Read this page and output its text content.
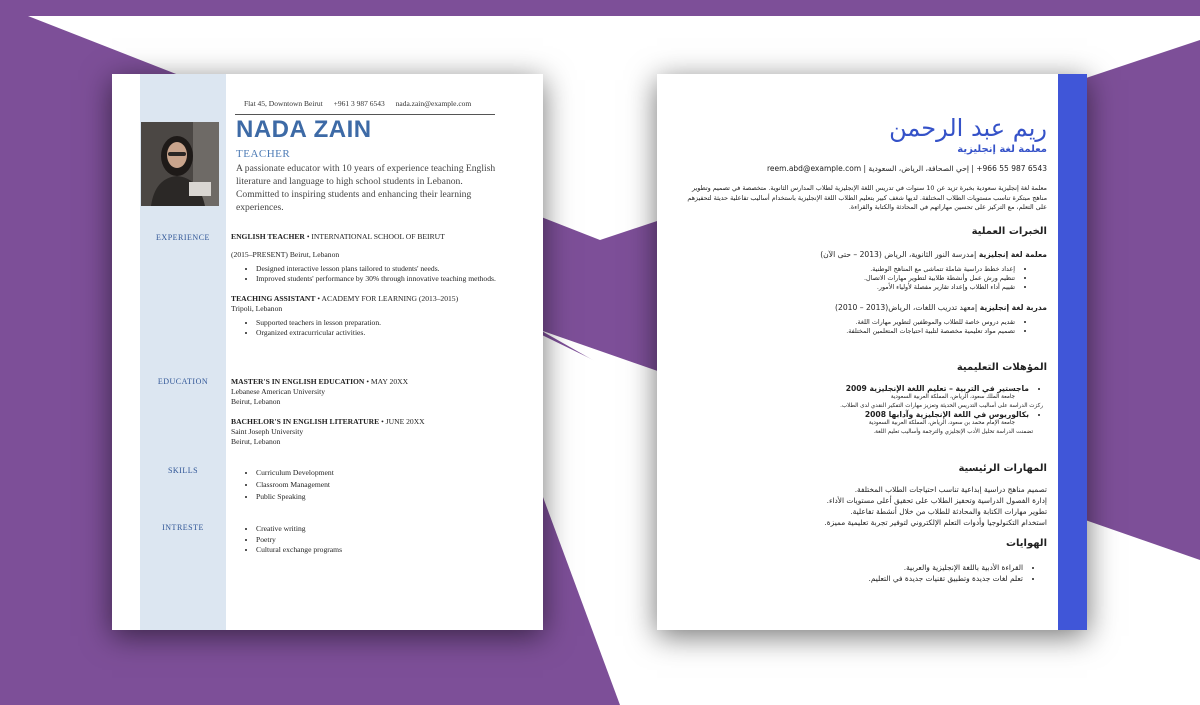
Flat 45, Downtown Beirut +961 3 987 6543 nada.zain@example.com
NADA ZAIN
TEACHER
A passionate educator with 10 years of experience teaching English literature and language to high school students in Lebanon. Committed to inspiring students and enhancing their learning experiences.
EXPERIENCE
EDUCATION
SKILLS
INTRESTE
ENGLISH TEACHER • INTERNATIONAL SCHOOL OF BEIRUT
(2015–PRESENT) Beirut, Lebanon
• Designed interactive lesson plans tailored to students' needs.
• Improved students' performance by 30% through innovative teaching methods.
TEACHING ASSISTANT • ACADEMY FOR LEARNING (2013–2015)
Tripoli, Lebanon
• Supported teachers in lesson preparation.
• Organized extracurricular activities.
MASTER'S IN ENGLISH EDUCATION • MAY 20XX
Lebanese American University
Beirut, Lebanon
BACHELOR'S IN ENGLISH LITERATURE • JUNE 20XX
Saint Joseph University
Beirut, Lebanon
• Curriculum Development
• Classroom Management
• Public Speaking
• Creative writing
• Poetry
• Cultural exchange programs
ريم عبد الرحمن
معلمة لغة إنجليزية
6543 987 55 966+ | إحي الصحافة، الرياض، السعودية | reem.abd@example.com
معلمة لغة إنجليزية سعودية بخبرة تزيد عن 10 سنوات في تدريس اللغة الإنجليزية لطلاب المدارس الثانوية. متخصصة في تصميم وتطوير مناهج مبتكرة تناسب مستويات الطلاب المختلفة. لديها شغف كبير بتعليم الطلاب اللغة الإنجليزية باستخدام أساليب تفاعلية حديثة لتحفيزهم على التعلم، مع التركيز على تحسين مهاراتهم في المحادثة والكتابة والقراءة.
الخبرات العملية
معلمة لغة إنجليزية |مدرسة النور الثانوية، الرياض (2013 – حتى الآن)
• إعداد خطط دراسية شاملة تتماشى مع المناهج الوطنية.
• تنظيم ورش عمل وأنشطة طلابية لتطوير مهارات الاتصال.
• تقييم أداء الطلاب وإعداد تقارير مفصلة لأولياء الأمور.
مدربة لغة إنجليزية |معهد تدريب اللغات، الرياض(2013 – 2010)
• تقديم دروس خاصة للطلاب والموظفين لتطوير مهارات اللغة.
• تصميم مواد تعليمية مخصصة لتلبية احتياجات المتعلمين المختلفة.
المؤهلات التعليمية
• ماجستير في التربية – تعليم اللغة الإنجليزية 2009
جامعة الملك سعود، الرياض، المملكة العربية السعودية
ركزت الدراسة على أساليب التدريس الحديثة وتعزيز مهارات التفكير النقدي لدى الطلاب.
• بكالوريوس في اللغة الإنجليزية وآدابها 2008
جامعة الإمام محمد بن سعود، الرياض، المملكة العربية السعودية
تضمنت الدراسة تحليل الأدب الإنجليزي والترجمة وأساليب تعليم اللغة.
المهارات الرئيسية
تصميم مناهج دراسية إبداعية تناسب احتياجات الطلاب المختلفة.
إدارة الفصول الدراسية وتحفيز الطلاب على تحقيق أعلى مستويات الأداء.
تطوير مهارات الكتابة والمحادثة للطلاب من خلال أنشطة تفاعلية.
استخدام التكنولوجيا وأدوات التعلم الإلكتروني لتوفير تجربة تعليمية مميزة.
الهوايات
• القراءة الأدبية باللغة الإنجليزية والعربية.
• تعلم لغات جديدة وتطبيق تقنيات جديدة في التعليم.
